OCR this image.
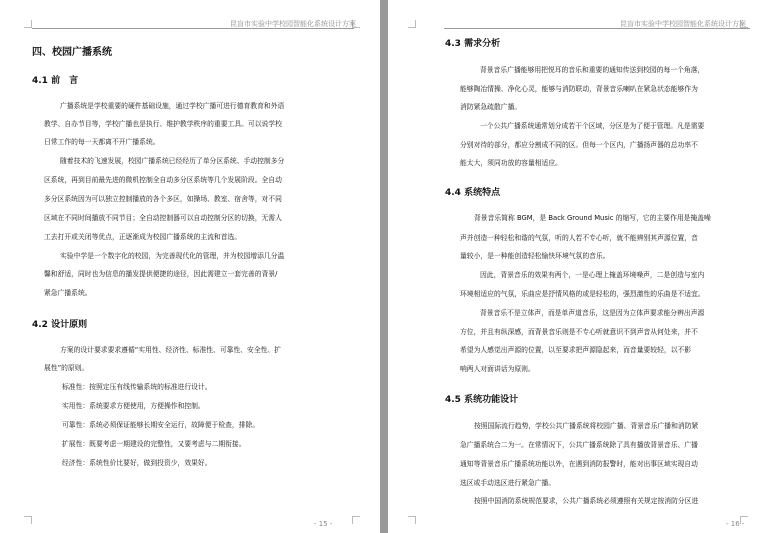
昆盲市实验中学校园智能化系统设计方案
四、校园广播系统
4.1 前　言
广播系统是学校重要的硬件基础设施，通过学校广播可进行德育教育和外语
教学、自办节目等，学校广播也是执行、维护教学秩序的重要工具。可以说学校
日常工作的每一天都离不开广播系统。
随着技术的飞速发展，校园广播系统已经经历了单分区系统、手动控制多分
区系统，再到目前最先进的微机控制全自动多分区系统等几个发展阶段。全自动
多分区系统因为可以独立控制播放的各个多区，如操场、教室、宿舍等，对不同
区域在不同时间播放不同节目；全自动控制器可以自动控制分区的切换，无需人
工去打开或关闭等优点，正逐渐成为校园广播系统的主流和首选。
实验中学是一个数字化的校园，为完善现代化的管理，并为校园增添几分温
馨和舒适，同时也为信息的播发提供便捷的途径，因此需建立一套完善的背景/
紧急广播系统。
4.2 设计原则
方案的设计要求要求遵循“实用性、经济性、标准性、可靠性、安全性、扩
展性”的原则。
标准性：按照定压有线传输系统的标准进行设计。
实用性：系统要求方便使用，方便操作和控制。
可靠性：系统必须保证能够长期安全运行，故障便于检查，排除。
扩展性：既要考虑一期建设的完整性，又要考虑与二期衔接。
经济性：系统性价比要好，做到投资少，效果好。
- 15 -
昆盲市实验中学校园智能化系统设计方案
4.3 需求分析
背景音乐广播能够用把悦耳的音乐和重要的通知传送到校园的每一个角落，
能够陶冶情操、净化心灵，能够与消防联动，背景音乐喇叭在紧急状态能够作为
消防紧急疏散广播。
一个公共广播系统通常划分成若干个区域，分区是为了便于管理。凡是需要
分别对待的部分，都应分割成不同的区。但每一个区内，广播扬声器的总功率不
能太大，须同功放的容量相适应。
4.4 系统特点
背景音乐简称 BGM，是 Back Ground Music 的缩写，它的主要作用是掩盖噪
声并创造一种轻松和谐的气氛，听的人若不专心听，就不能辨别其声源位置，音
量较小，是一种能创造轻松愉快环境气氛的音乐。
因此，背景音乐的效果有两个，一是心理上掩盖环境噪声，二是创造与室内
环境相适应的气氛，乐曲应是抒情风格的或是轻松的，强烈激性的乐曲是不适宜。
背景音乐不是立体声，而是单声道音乐，这是因为立体声要求能分辨出声源
方位，并且有纵深感，而背景音乐则是不专心听就意识不到声音从何处来，并不
希望为人感觉出声源的位置，以至要求把声源隐起来，而音量要较轻，以不影
响两人对面讲话为原则。
4.5 系统功能设计
按照国际流行趋势，学校公共广播系统将校园广播、背景音乐广播和消防紧
急广播系统合二为一。在常情况下，公共广播系统除了具有播放背景音乐、广播
通知等背景音乐广播系统功能以外，在遇到消防报警时，能对出事区域实现自动
选区或手动选区进行紧急广播。
按照中国消防系统规范要求，公共广播系统必须遵照有关规定按消防分区进
- 16 -
